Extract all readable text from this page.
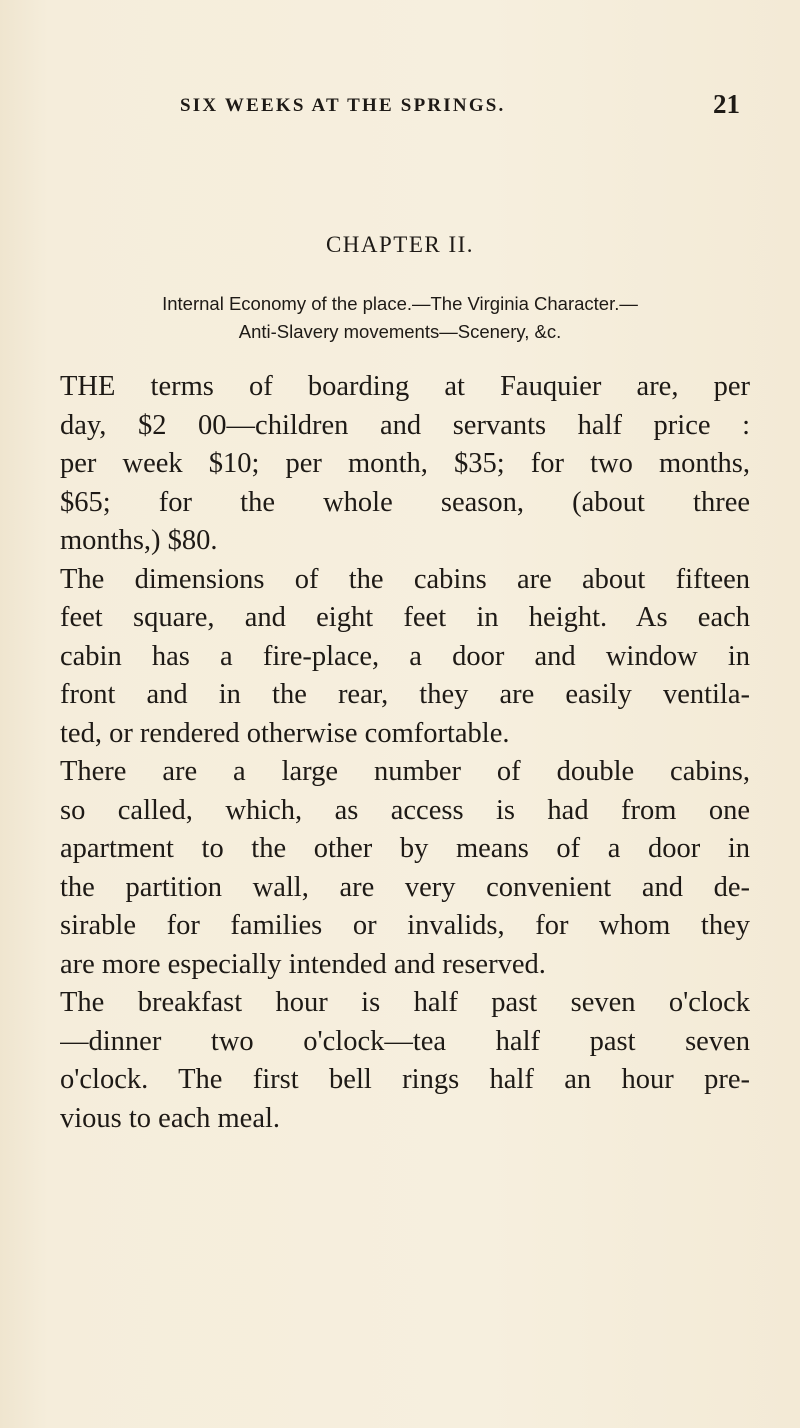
SIX WEEKS AT THE SPRINGS.	21
CHAPTER II.
Internal Economy of the place.—The Virginia Character.—
Anti-Slavery movements—Scenery, &c.
THE terms of boarding at Fauquier are, per
day, $2 00—children and servants half price :
per week $10; per month, $35; for two months,
$65; for the whole season, (about three
months,) $80.
The dimensions of the cabins are about fifteen
feet square, and eight feet in height. As each
cabin has a fire-place, a door and window in
front and in the rear, they are easily ventila-
ted, or rendered otherwise comfortable.
There are a large number of double cabins,
so called, which, as access is had from one
apartment to the other by means of a door in
the partition wall, are very convenient and de-
sirable for families or invalids, for whom they
are more especially intended and reserved.
The breakfast hour is half past seven o'clock
—dinner two o'clock—tea half past seven
o'clock. The first bell rings half an hour pre-
vious to each meal.
